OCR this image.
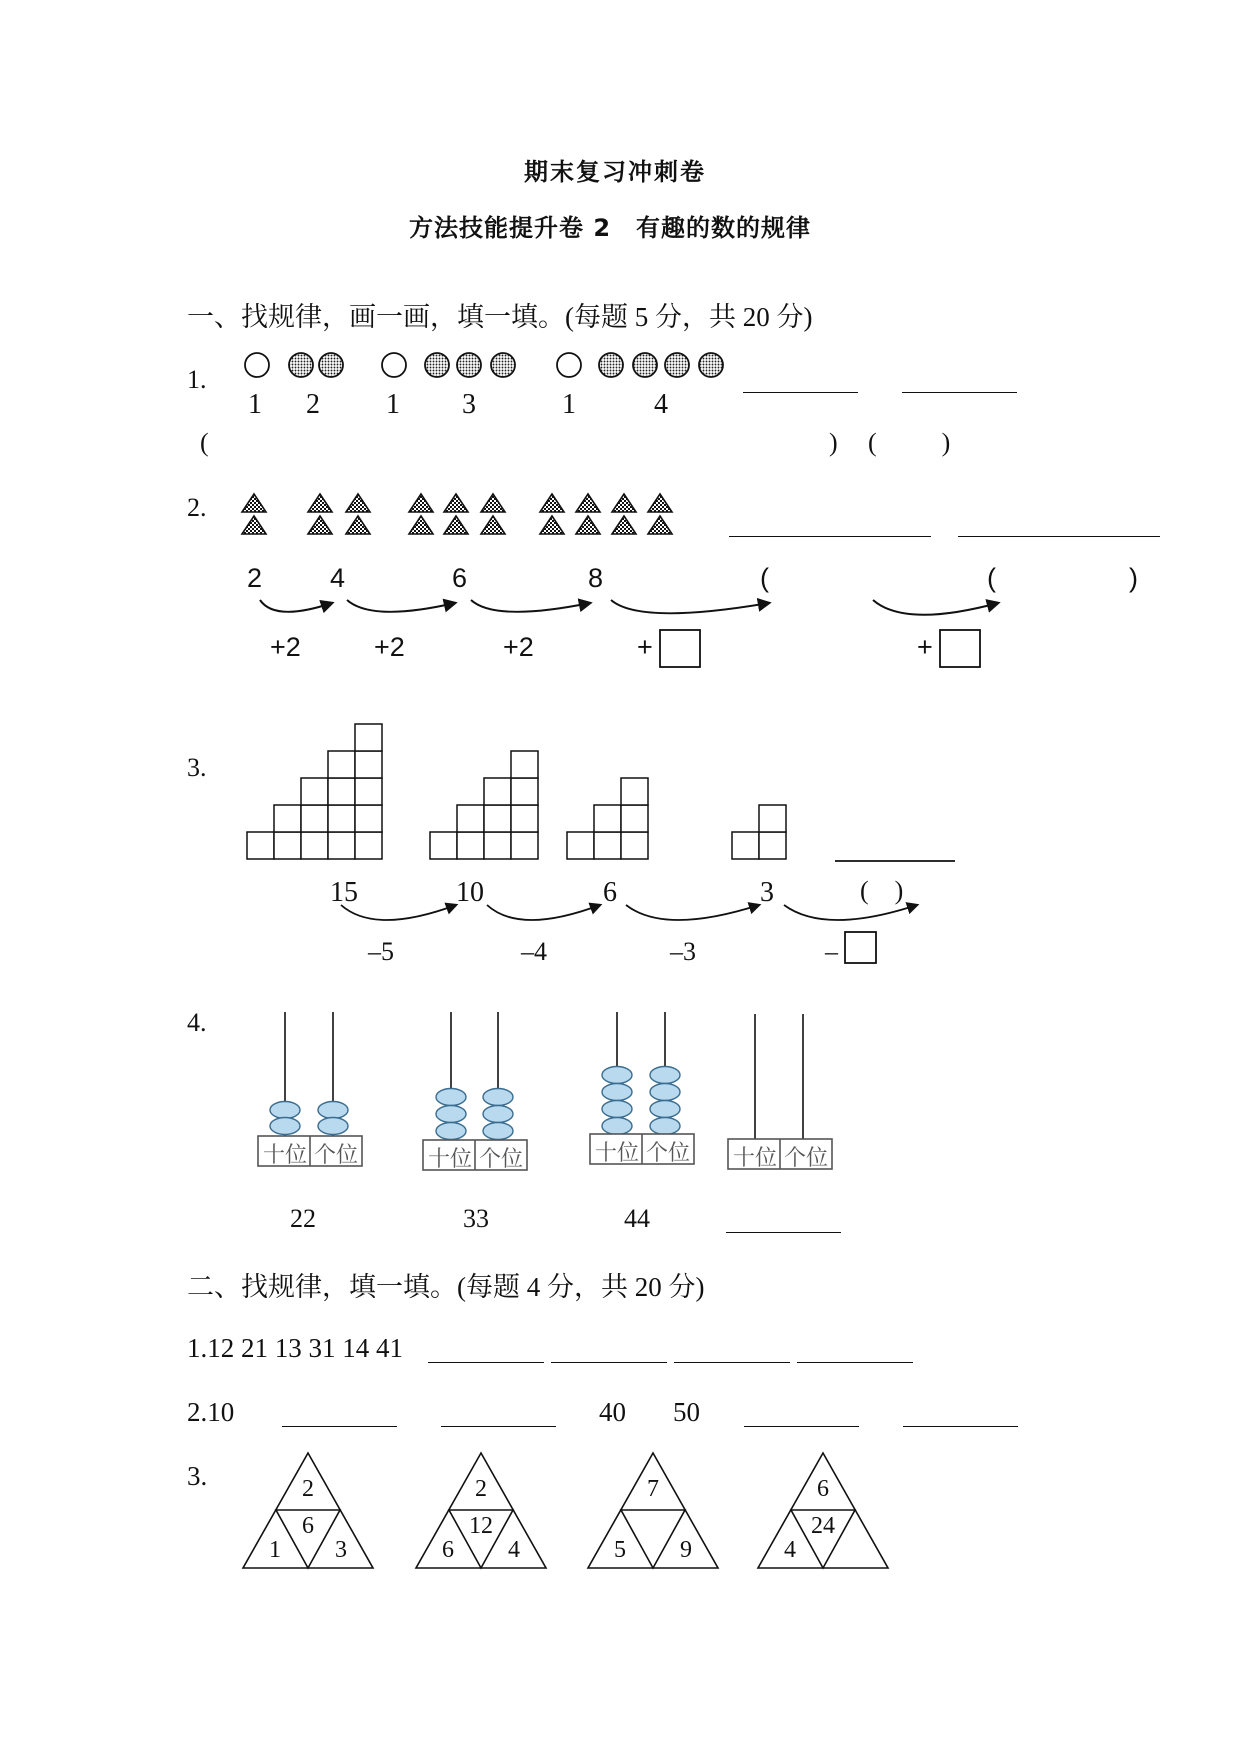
期末复习冲刺卷
方法技能提升卷 2　有趣的数的规律
一、找规律，画一画，填一填。(每题 5 分，共 20 分)
1.
1 2 1 3	1	4
(	) (          )
2.
2	4	6	8	(	(	)
+2	+2	+2	+	+
3.
15	10	6	3	(　)
–5	–4	–3	–
4.
十位 个位	十位 个位	十位 个位 十位 个位
22	33	44
二、找规律，填一填。(每题 4 分，共 20 分)
1.12 21 13 31 14 41
2.10	40 50
3.	2
6
1 3
2
12
6 4
7
5 9
6
24
4
